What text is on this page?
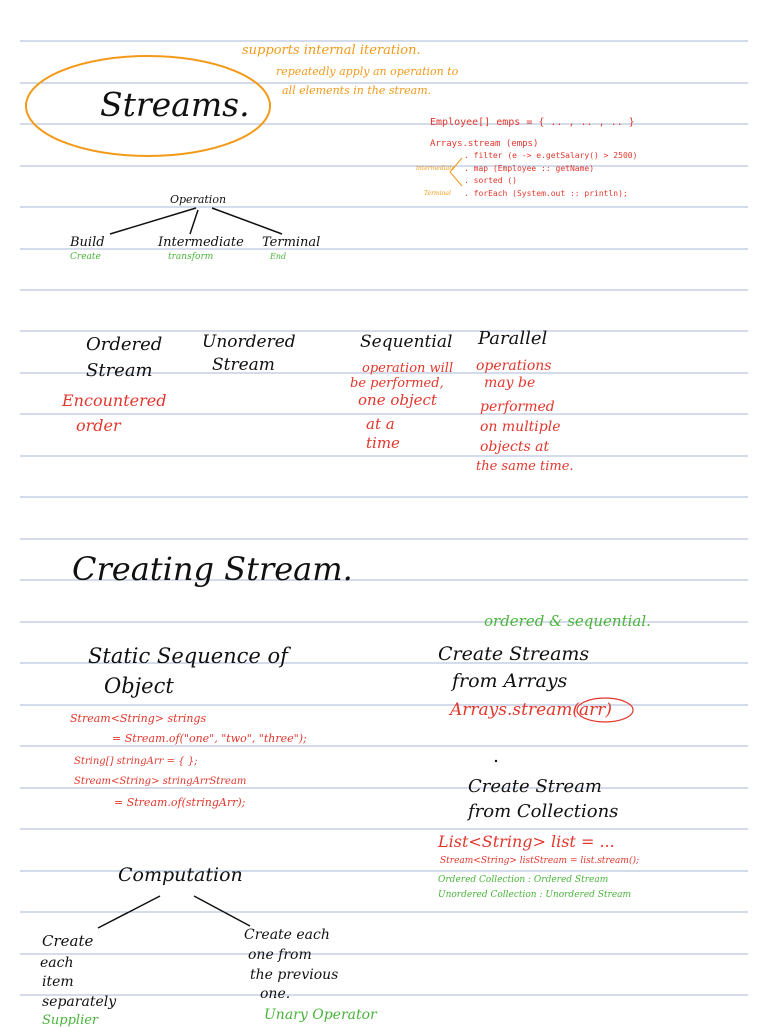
Streams.
supports internal iteration.
repeatedly apply an operation to
all elements in the stream.
Employee[] emps = { .. , .. , .. }
Arrays.stream (emps)
. filter (e -> e.getSalary() > 2500)
. map (Employee :: getName)
. sorted ()
. forEach (System.out :: println);
intermediate
Terminal
Operation
Build
Create
Intermediate
transform
Terminal
End
Ordered
Stream
Encountered
order
Unordered
Stream
Sequential
operation will
be performed,
one object
at a
time
Parallel
operations
may be
performed
on multiple
objects at
the same time.
Creating Stream.
ordered & sequential.
Static Sequence of
Object
Stream<String> strings
= Stream.of("one", "two", "three");
String[] stringArr = { };
Stream<String> stringArrStream
= Stream.of(stringArr);
Create Streams
from Arrays
Arrays.stream(arr)
Create Stream
from Collections
List<String> list = ...
Stream<String> listStream = list.stream();
Ordered Collection : Ordered Stream
Unordered Collection : Unordered Stream
Computation
Create
each
item
separately
Supplier
Create each
one from
the previous
one.
Unary Operator
